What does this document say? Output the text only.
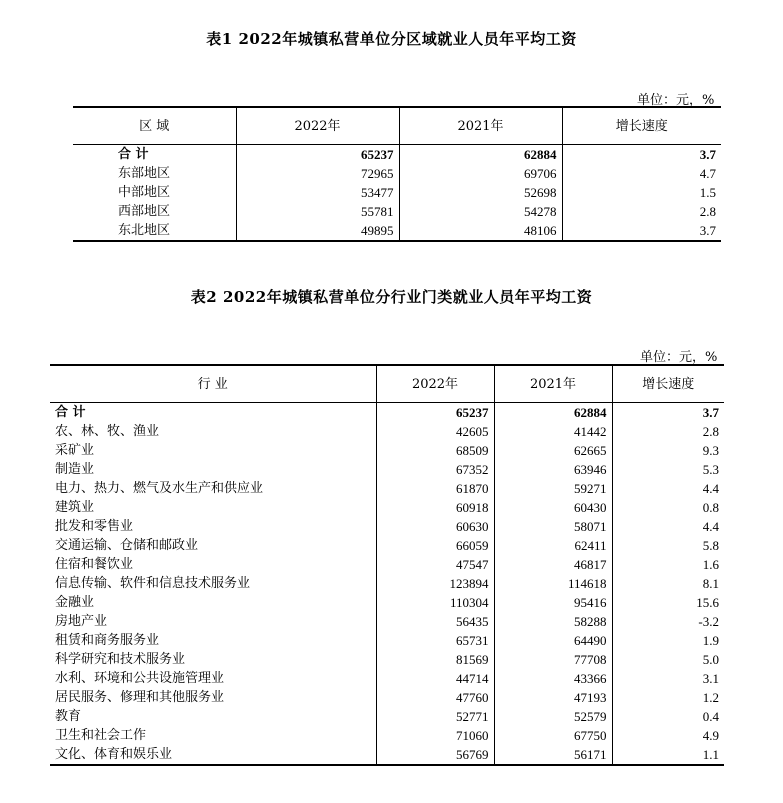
表1 2022年城镇私营单位分区域就业人员年平均工资
单位：元，%
区 域	2022年	2021年	增长速度
合 计	65237	62884	3.7
东部地区	72965	69706	4.7
中部地区	53477	52698	1.5
西部地区	55781	54278	2.8
东北地区	49895	48106	3.7
表2 2022年城镇私营单位分行业门类就业人员年平均工资
单位：元，%
行 业	2022年	2021年	增长速度
合 计	65237	62884	3.7
农、林、牧、渔业	42605	41442	2.8
采矿业	68509	62665	9.3
制造业	67352	63946	5.3
电力、热力、燃气及水生产和供应业	61870	59271	4.4
建筑业	60918	60430	0.8
批发和零售业	60630	58071	4.4
交通运输、仓储和邮政业	66059	62411	5.8
住宿和餐饮业	47547	46817	1.6
信息传输、软件和信息技术服务业	123894	114618	8.1
金融业	110304	95416	15.6
房地产业	56435	58288	-3.2
租赁和商务服务业	65731	64490	1.9
科学研究和技术服务业	81569	77708	5.0
水利、环境和公共设施管理业	44714	43366	3.1
居民服务、修理和其他服务业	47760	47193	1.2
教育	52771	52579	0.4
卫生和社会工作	71060	67750	4.9
文化、体育和娱乐业	56769	56171	1.1
